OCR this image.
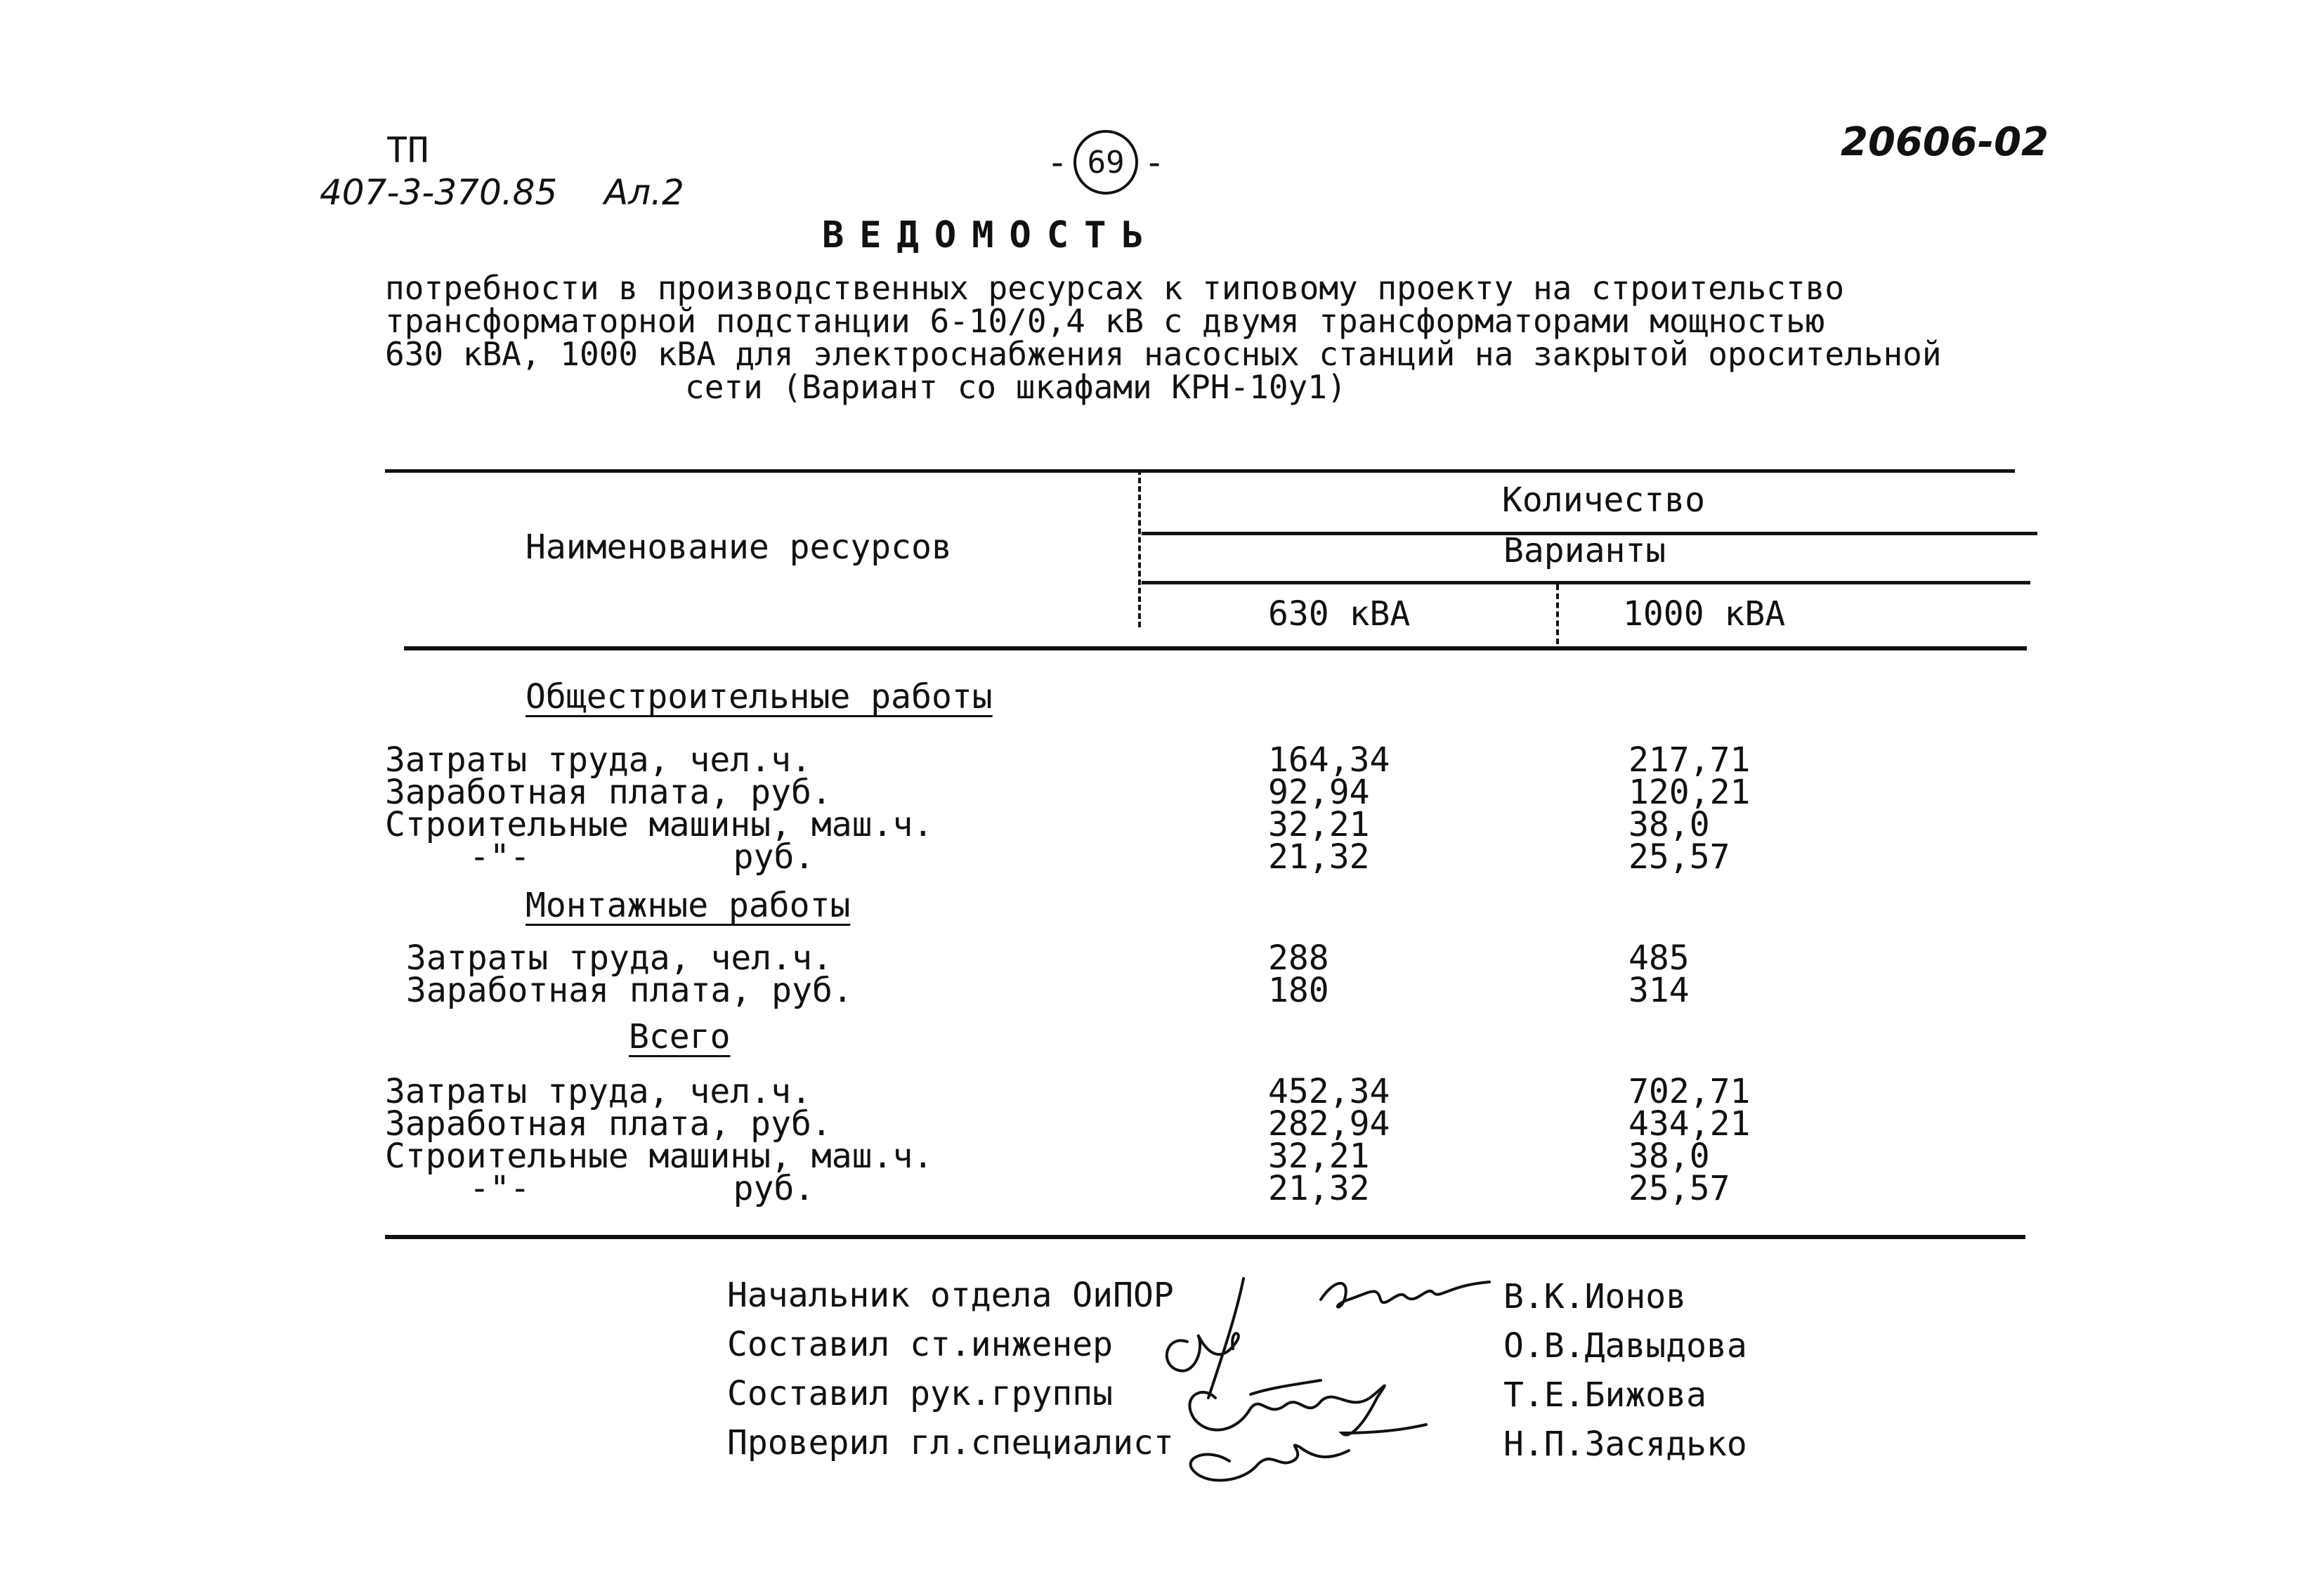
ТП
407-3-370.85 Ал.2
- 69 -	20606-02
ВЕДОМОСТЬ
потребности в производственных ресурсах к типовому проекту на строительство
трансформаторной подстанции 6-10/0,4 кВ с двумя трансформаторами мощностью
630 кВА, 1000 кВА для электроснабжения насосных станций на закрытой оросительной
сети (Вариант со шкафами КРН-10у1)
Наименование ресурсов
Количество
Варианты
630 кВА	1000 кВА
Общестроительные работы
Затраты труда, чел.ч.	164,34	217,71
Заработная плата, руб.	92,94	120,21
Строительные машины, маш.ч.	32,21	38,0
-"-          руб.	21,32	25,57
Монтажные работы
Затраты труда, чел.ч.	288	485
Заработная плата, руб.	180	314
Всего
Затраты труда, чел.ч.	452,34	702,71
Заработная плата, руб.	282,94	434,21
Строительные машины, маш.ч.	32,21	38,0
-"-          руб.	21,32	25,57
Начальник отдела ОиПОР
Составил ст.инженер
Составил рук.группы
Проверил гл.специалист
В.К.Ионов
О.В.Давыдова
Т.Е.Бижова
Н.П.Засядько
